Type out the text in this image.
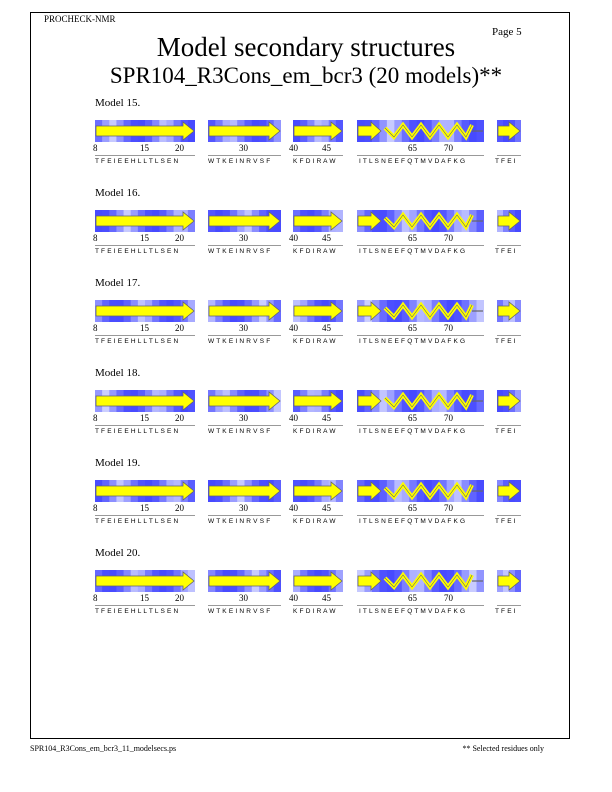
PROCHECK-NMR
Page 5
Model secondary structures
SPR104_R3Cons_em_bcr3 (20 models)**
Model 15.
8	15	20
T F E I E E H L L T L S E N
30
W T K E I N R V S F
40	45
K F D I R A W
65	70
I T L S N E E F Q T M V D A F K G	T F E I
Model 16.
8	15	20
T F E I E E H L L T L S E N
30
W T K E I N R V S F
40	45
K F D I R A W
65	70
I T L S N E E F Q T M V D A F K G	T F E I
Model 17.
8	15	20
T F E I E E H L L T L S E N
30
W T K E I N R V S F
40	45
K F D I R A W
65	70
I T L S N E E F Q T M V D A F K G	T F E I
Model 18.
8	15	20
T F E I E E H L L T L S E N
30
W T K E I N R V S F
40	45
K F D I R A W
65	70
I T L S N E E F Q T M V D A F K G	T F E I
Model 19.
8	15	20
T F E I E E H L L T L S E N
30
W T K E I N R V S F
40	45
K F D I R A W
65	70
I T L S N E E F Q T M V D A F K G	T F E I
Model 20.
8	15	20
T F E I E E H L L T L S E N
30
W T K E I N R V S F
40	45
K F D I R A W
65	70
I T L S N E E F Q T M V D A F K G	T F E I
SPR104_R3Cons_em_bcr3_11_modelsecs.ps	** Selected residues only
